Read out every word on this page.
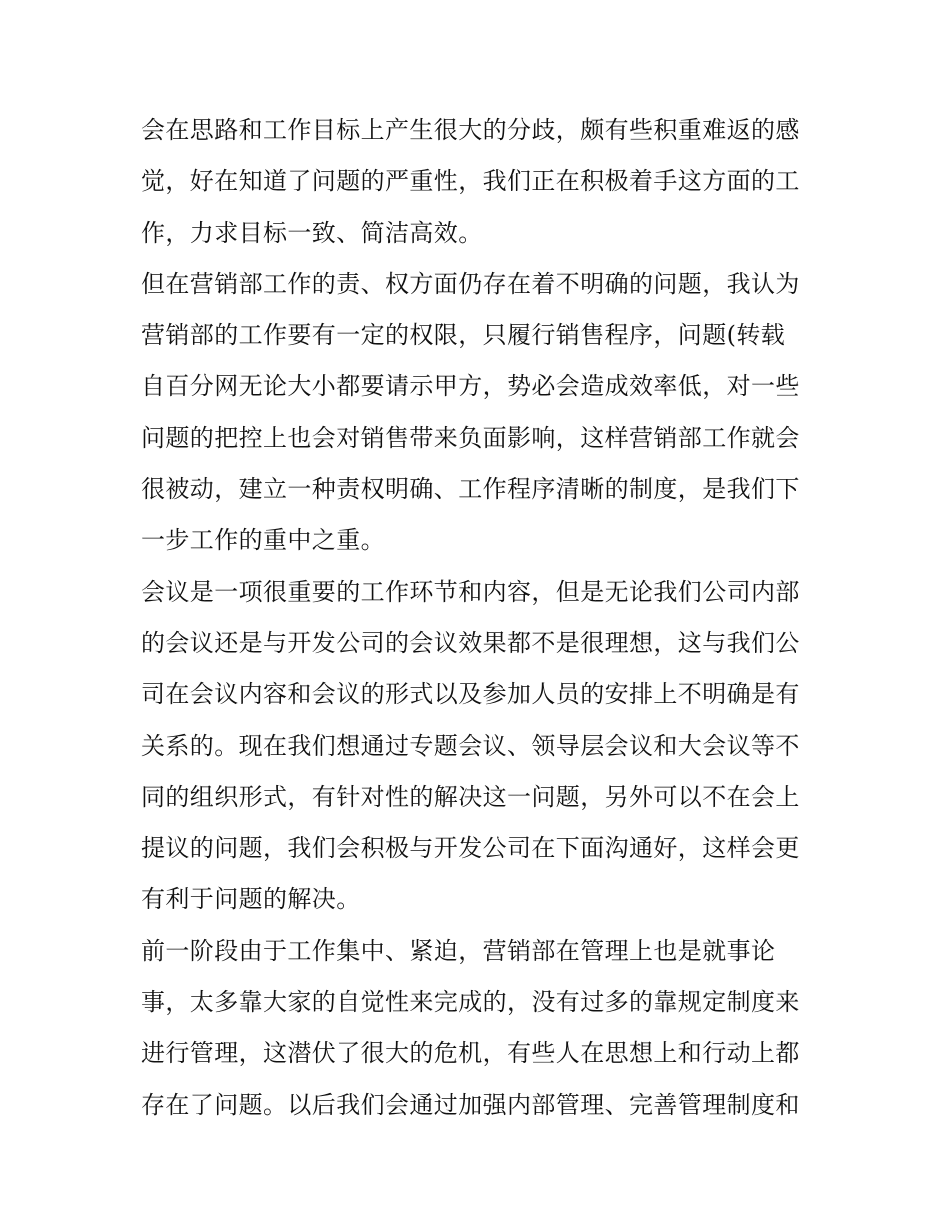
会在思路和工作目标上产生很大的分歧，颇有些积重难返的感
觉，好在知道了问题的严重性，我们正在积极着手这方面的工
作，力求目标一致、简洁高效。
但在营销部工作的责、权方面仍存在着不明确的问题，我认为
营销部的工作要有一定的权限，只履行销售程序，问题(转载
自百分网无论大小都要请示甲方，势必会造成效率低，对一些
问题的把控上也会对销售带来负面影响，这样营销部工作就会
很被动，建立一种责权明确、工作程序清晰的制度，是我们下
一步工作的重中之重。
会议是一项很重要的工作环节和内容，但是无论我们公司内部
的会议还是与开发公司的会议效果都不是很理想，这与我们公
司在会议内容和会议的形式以及参加人员的安排上不明确是有
关系的。现在我们想通过专题会议、领导层会议和大会议等不
同的组织形式，有针对性的解决这一问题，另外可以不在会上
提议的问题，我们会积极与开发公司在下面沟通好，这样会更
有利于问题的解决。
前一阶段由于工作集中、紧迫，营销部在管理上也是就事论
事，太多靠大家的自觉性来完成的，没有过多的靠规定制度来
进行管理，这潜伏了很大的危机，有些人在思想上和行动上都
存在了问题。以后我们会通过加强内部管理、完善管理制度和
